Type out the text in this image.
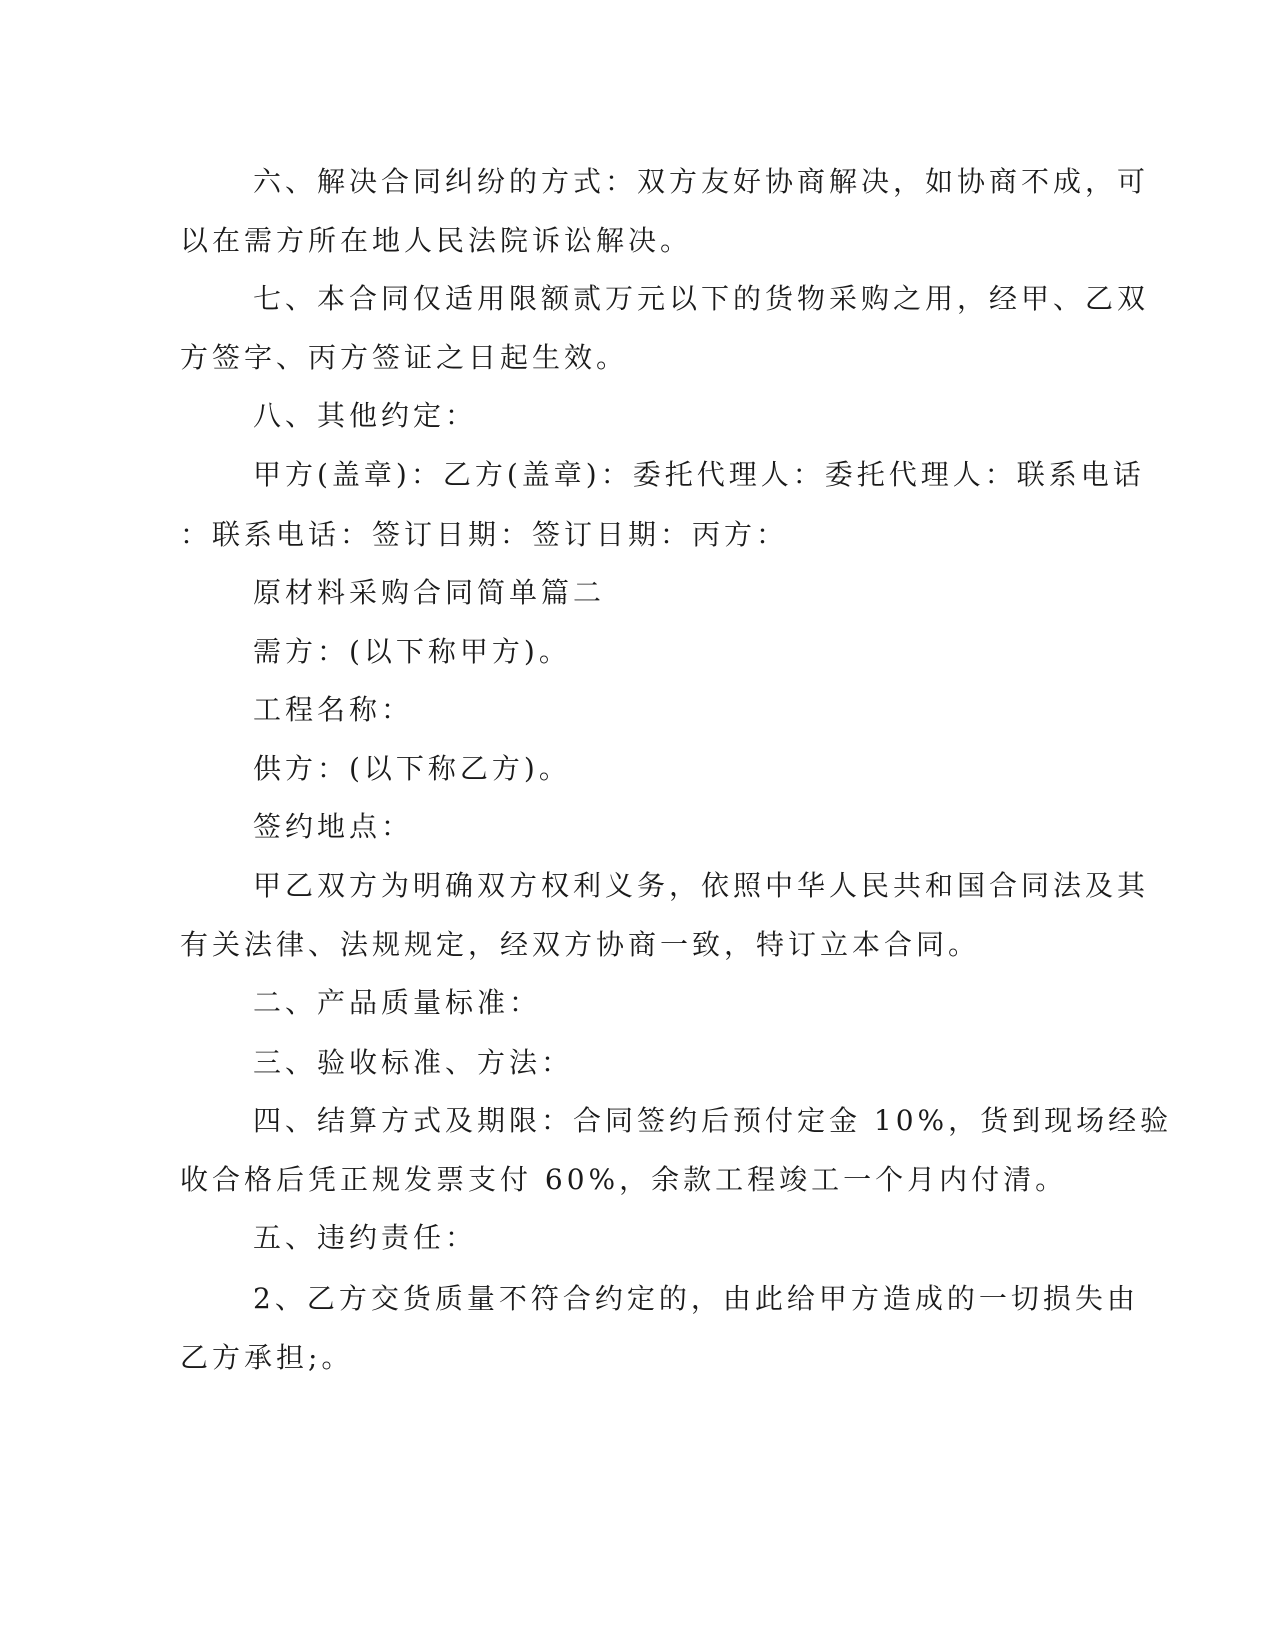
六、解决合同纠纷的方式：双方友好协商解决，如协商不成，可
以在需方所在地人民法院诉讼解决。
七、本合同仅适用限额贰万元以下的货物采购之用，经甲、乙双
方签字、丙方签证之日起生效。
八、其他约定：
甲方(盖章)：乙方(盖章)：委托代理人：委托代理人：联系电话
：联系电话：签订日期：签订日期：丙方：
原材料采购合同简单篇二
需方：(以下称甲方)。
工程名称：
供方：(以下称乙方)。
签约地点：
甲乙双方为明确双方权利义务，依照中华人民共和国合同法及其
有关法律、法规规定，经双方协商一致，特订立本合同。
二、产品质量标准：
三、验收标准、方法：
四、结算方式及期限：合同签约后预付定金 10%，货到现场经验
收合格后凭正规发票支付 60%，余款工程竣工一个月内付清。
五、违约责任：
2、乙方交货质量不符合约定的，由此给甲方造成的一切损失由
乙方承担;。
